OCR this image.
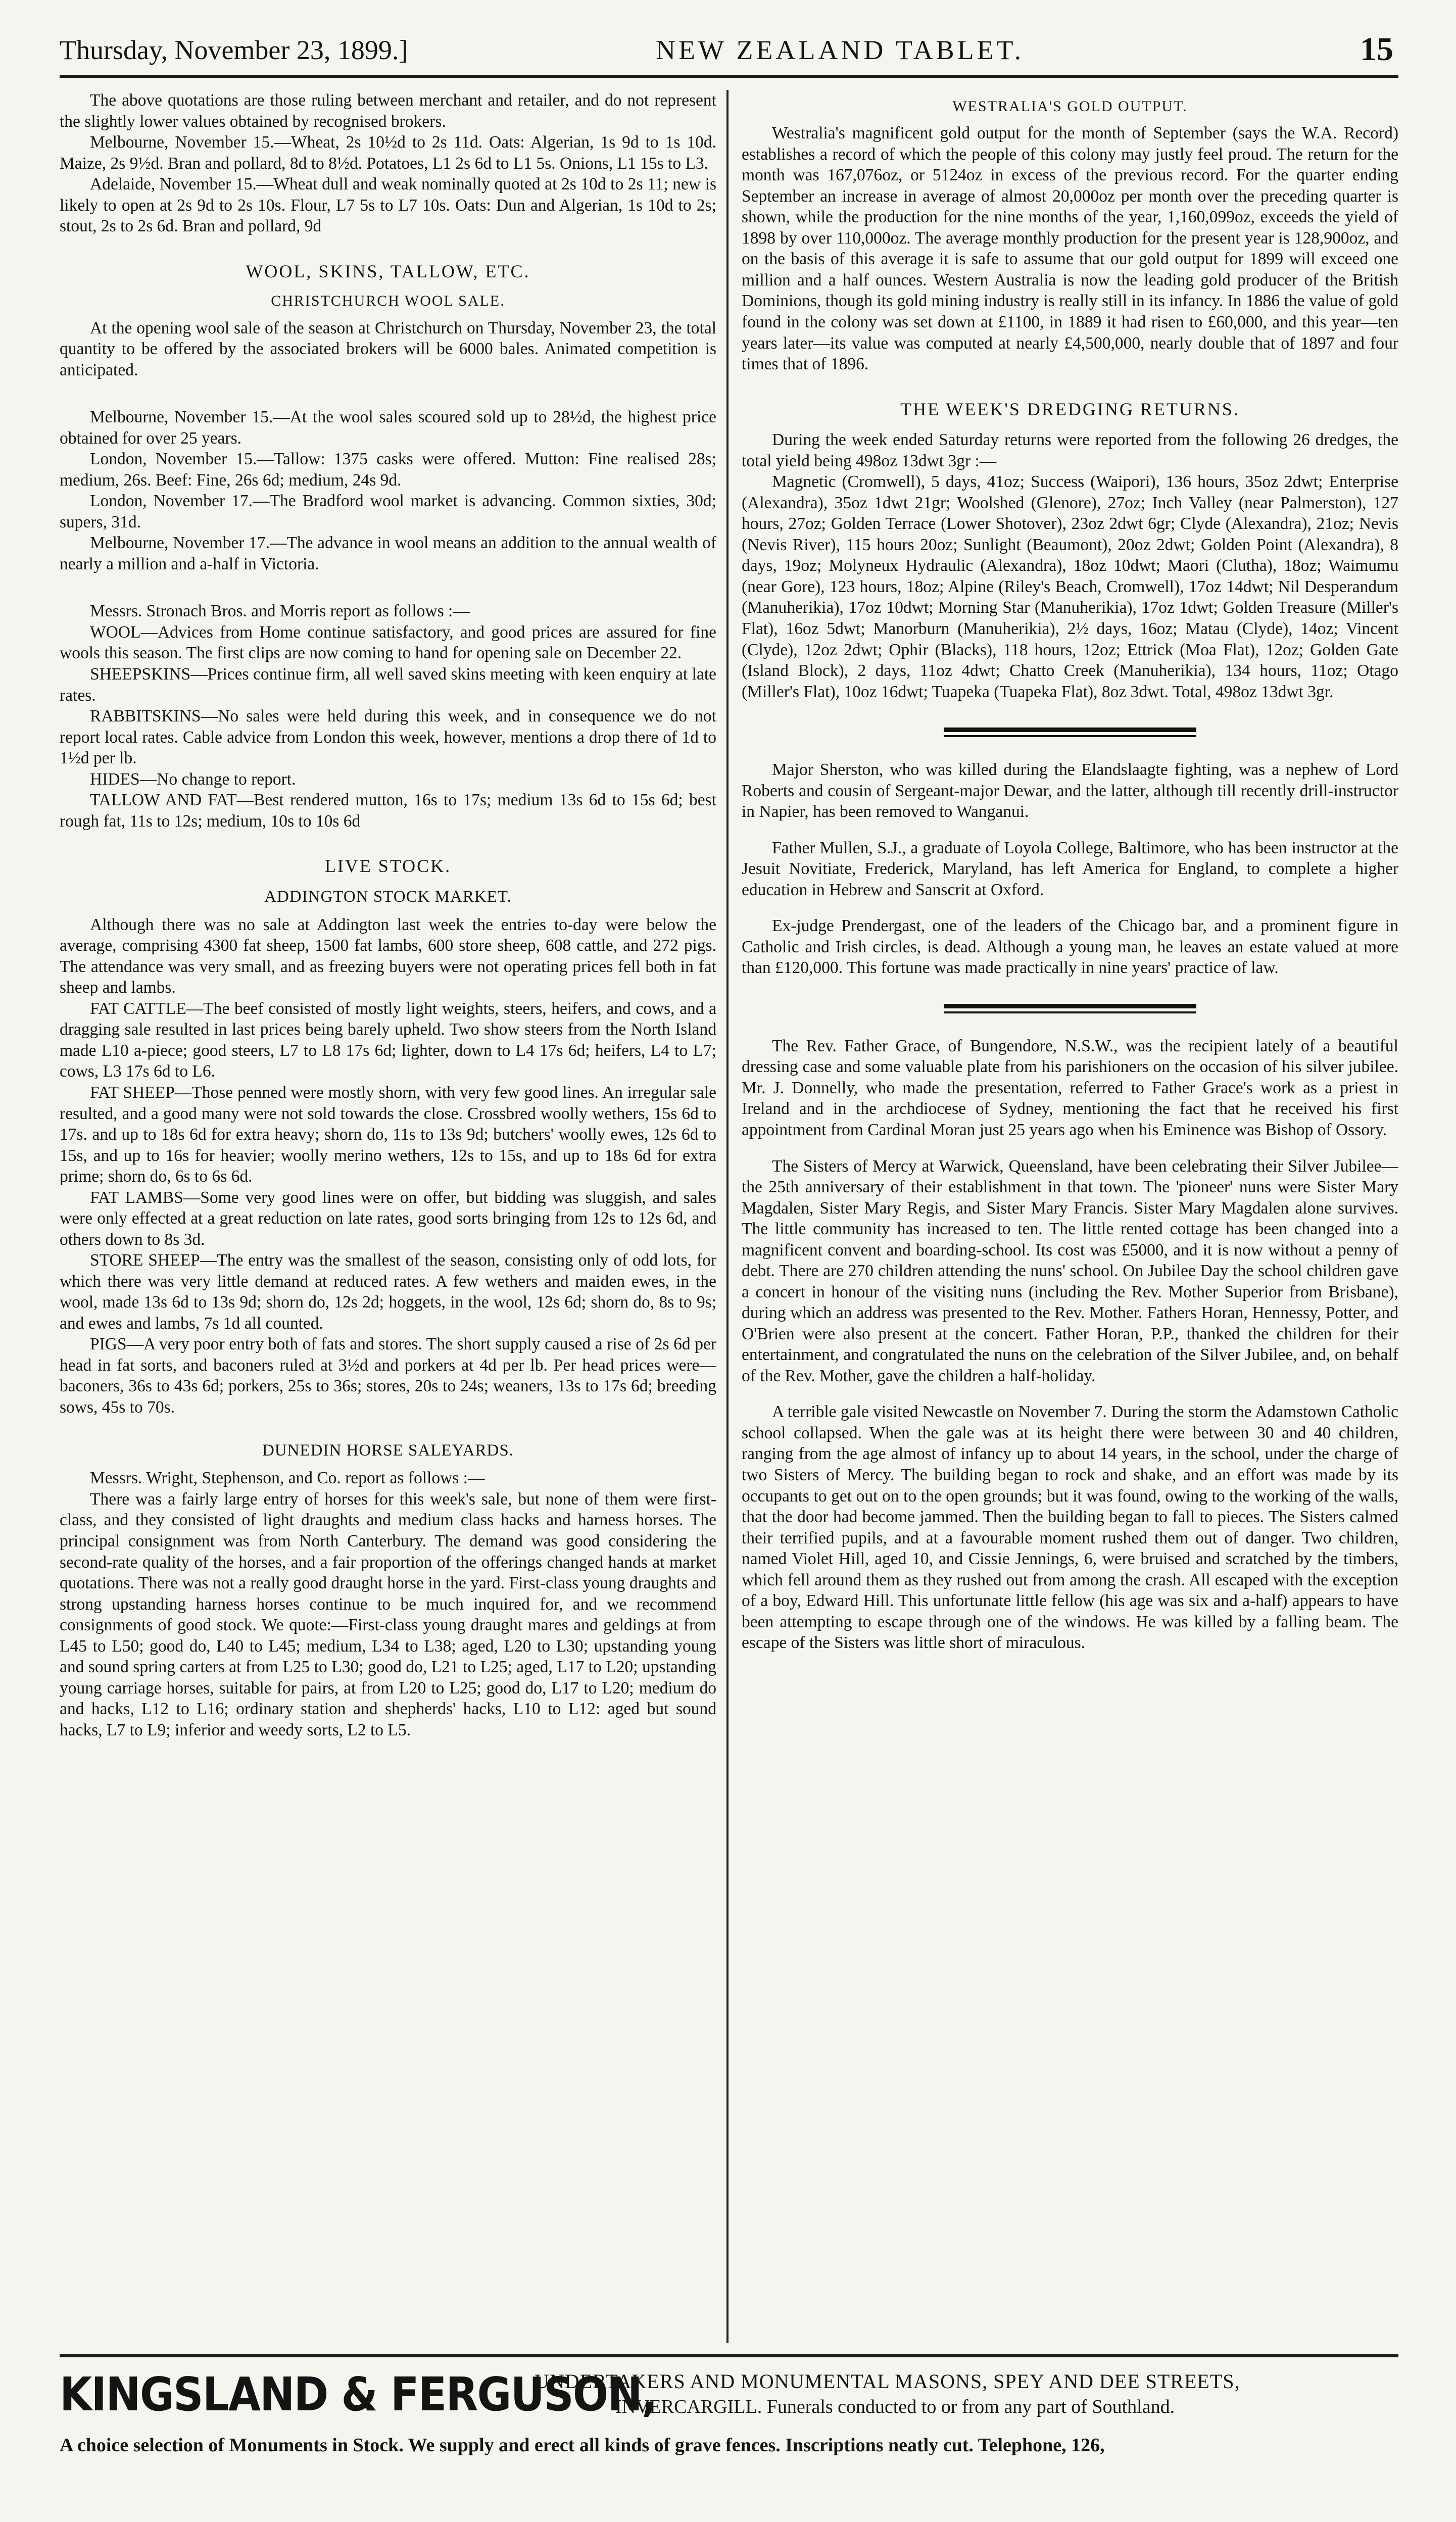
Thursday, November 23, 1899.]	NEW ZEALAND TABLET.	15

The above quotations are those ruling between merchant and retailer, and do not represent the slightly lower values obtained by recognised brokers.

Melbourne, November 15.—Wheat, 2s 10½d to 2s 11d. Oats: Algerian, 1s 9d to 1s 10d. Maize, 2s 9½d. Bran and pollard, 8d to 8½d. Potatoes, L1 2s 6d to L1 5s. Onions, L1 15s to L3.

Adelaide, November 15.—Wheat dull and weak nominally quoted at 2s 10d to 2s 11; new is likely to open at 2s 9d to 2s 10s. Flour, L7 5s to L7 10s. Oats: Dun and Algerian, 1s 10d to 2s; stout, 2s to 2s 6d. Bran and pollard, 9d

WOOL, SKINS, TALLOW, ETC.
CHRISTCHURCH WOOL SALE.

At the opening wool sale of the season at Christchurch on Thursday, November 23, the total quantity to be offered by the associated brokers will be 6000 bales. Animated competition is anticipated.

Melbourne, November 15.—At the wool sales scoured sold up to 28½d, the highest price obtained for over 25 years.

London, November 15.—Tallow: 1375 casks were offered. Mutton: Fine realised 28s; medium, 26s. Beef: Fine, 26s 6d; medium, 24s 9d.

London, November 17.—The Bradford wool market is advancing. Common sixties, 30d; supers, 31d.

Melbourne, November 17.—The advance in wool means an addition to the annual wealth of nearly a million and a-half in Victoria.

Messrs. Stronach Bros. and Morris report as follows :—

WOOL—Advices from Home continue satisfactory, and good prices are assured for fine wools this season. The first clips are now coming to hand for opening sale on December 22.

SHEEPSKINS—Prices continue firm, all well saved skins meeting with keen enquiry at late rates.

RABBITSKINS—No sales were held during this week, and in consequence we do not report local rates. Cable advice from London this week, however, mentions a drop there of 1d to 1½d per lb.

HIDES—No change to report.

TALLOW AND FAT—Best rendered mutton, 16s to 17s; medium 13s 6d to 15s 6d; best rough fat, 11s to 12s; medium, 10s to 10s 6d

LIVE STOCK.
ADDINGTON STOCK MARKET.

Although there was no sale at Addington last week the entries to-day were below the average, comprising 4300 fat sheep, 1500 fat lambs, 600 store sheep, 608 cattle, and 272 pigs. The attendance was very small, and as freezing buyers were not operating prices fell both in fat sheep and lambs.

FAT CATTLE—The beef consisted of mostly light weights, steers, heifers, and cows, and a dragging sale resulted in last prices being barely upheld. Two show steers from the North Island made L10 a-piece; good steers, L7 to L8 17s 6d; lighter, down to L4 17s 6d; heifers, L4 to L7; cows, L3 17s 6d to L6.

FAT SHEEP—Those penned were mostly shorn, with very few good lines. An irregular sale resulted, and a good many were not sold towards the close. Crossbred woolly wethers, 15s 6d to 17s. and up to 18s 6d for extra heavy; shorn do, 11s to 13s 9d; butchers' woolly ewes, 12s 6d to 15s, and up to 16s for heavier; woolly merino wethers, 12s to 15s, and up to 18s 6d for extra prime; shorn do, 6s to 6s 6d.

FAT LAMBS—Some very good lines were on offer, but bidding was sluggish, and sales were only effected at a great reduction on late rates, good sorts bringing from 12s to 12s 6d, and others down to 8s 3d.

STORE SHEEP—The entry was the smallest of the season, consisting only of odd lots, for which there was very little demand at reduced rates. A few wethers and maiden ewes, in the wool, made 13s 6d to 13s 9d; shorn do, 12s 2d; hoggets, in the wool, 12s 6d; shorn do, 8s to 9s; and ewes and lambs, 7s 1d all counted.

PIGS—A very poor entry both of fats and stores. The short supply caused a rise of 2s 6d per head in fat sorts, and baconers ruled at 3½d and porkers at 4d per lb. Per head prices were—baconers, 36s to 43s 6d; porkers, 25s to 36s; stores, 20s to 24s; weaners, 13s to 17s 6d; breeding sows, 45s to 70s.

DUNEDIN HORSE SALEYARDS.

Messrs. Wright, Stephenson, and Co. report as follows :—

There was a fairly large entry of horses for this week's sale, but none of them were first-class, and they consisted of light draughts and medium class hacks and harness horses. The principal consignment was from North Canterbury. The demand was good considering the second-rate quality of the horses, and a fair proportion of the offerings changed hands at market quotations. There was not a really good draught horse in the yard. First-class young draughts and strong upstanding harness horses continue to be much inquired for, and we recommend consignments of good stock. We quote:—First-class young draught mares and geldings at from L45 to L50; good do, L40 to L45; medium, L34 to L38; aged, L20 to L30; upstanding young and sound spring carters at from L25 to L30; good do, L21 to L25; aged, L17 to L20; upstanding young carriage horses, suitable for pairs, at from L20 to L25; good do, L17 to L20; medium do and hacks, L12 to L16; ordinary station and shepherds' hacks, L10 to L12: aged but sound hacks, L7 to L9; inferior and weedy sorts, L2 to L5.

WESTRALIA'S GOLD OUTPUT.

Westralia's magnificent gold output for the month of September (says the W.A. Record) establishes a record of which the people of this colony may justly feel proud. The return for the month was 167,076oz, or 5124oz in excess of the previous record. For the quarter ending September an increase in average of almost 20,000oz per month over the preceding quarter is shown, while the production for the nine months of the year, 1,160,099oz, exceeds the yield of 1898 by over 110,000oz. The average monthly production for the present year is 128,900oz, and on the basis of this average it is safe to assume that our gold output for 1899 will exceed one million and a half ounces. Western Australia is now the leading gold producer of the British Dominions, though its gold mining industry is really still in its infancy. In 1886 the value of gold found in the colony was set down at £1100, in 1889 it had risen to £60,000, and this year—ten years later—its value was computed at nearly £4,500,000, nearly double that of 1897 and four times that of 1896.

THE WEEK'S DREDGING RETURNS.

During the week ended Saturday returns were reported from the following 26 dredges, the total yield being 498oz 13dwt 3gr :—

Magnetic (Cromwell), 5 days, 41oz; Success (Waipori), 136 hours, 35oz 2dwt; Enterprise (Alexandra), 35oz 1dwt 21gr; Woolshed (Glenore), 27oz; Inch Valley (near Palmerston), 127 hours, 27oz; Golden Terrace (Lower Shotover), 23oz 2dwt 6gr; Clyde (Alexandra), 21oz; Nevis (Nevis River), 115 hours 20oz; Sunlight (Beaumont), 20oz 2dwt; Golden Point (Alexandra), 8 days, 19oz; Molyneux Hydraulic (Alexandra), 18oz 10dwt; Maori (Clutha), 18oz; Waimumu (near Gore), 123 hours, 18oz; Alpine (Riley's Beach, Cromwell), 17oz 14dwt; Nil Desperandum (Manuherikia), 17oz 10dwt; Morning Star (Manuherikia), 17oz 1dwt; Golden Treasure (Miller's Flat), 16oz 5dwt; Manorburn (Manuherikia), 2½ days, 16oz; Matau (Clyde), 14oz; Vincent (Clyde), 12oz 2dwt; Ophir (Blacks), 118 hours, 12oz; Ettrick (Moa Flat), 12oz; Golden Gate (Island Block), 2 days, 11oz 4dwt; Chatto Creek (Manuherikia), 134 hours, 11oz; Otago (Miller's Flat), 10oz 16dwt; Tuapeka (Tuapeka Flat), 8oz 3dwt. Total, 498oz 13dwt 3gr.

Major Sherston, who was killed during the Elandslaagte fighting, was a nephew of Lord Roberts and cousin of Sergeant-major Dewar, and the latter, although till recently drill-instructor in Napier, has been removed to Wanganui.

Father Mullen, S.J., a graduate of Loyola College, Baltimore, who has been instructor at the Jesuit Novitiate, Frederick, Maryland, has left America for England, to complete a higher education in Hebrew and Sanscrit at Oxford.

Ex-judge Prendergast, one of the leaders of the Chicago bar, and a prominent figure in Catholic and Irish circles, is dead. Although a young man, he leaves an estate valued at more than £120,000. This fortune was made practically in nine years' practice of law.

The Rev. Father Grace, of Bungendore, N.S.W., was the recipient lately of a beautiful dressing case and some valuable plate from his parishioners on the occasion of his silver jubilee. Mr. J. Donnelly, who made the presentation, referred to Father Grace's work as a priest in Ireland and in the archdiocese of Sydney, mentioning the fact that he received his first appointment from Cardinal Moran just 25 years ago when his Eminence was Bishop of Ossory.

The Sisters of Mercy at Warwick, Queensland, have been celebrating their Silver Jubilee—the 25th anniversary of their establishment in that town. The 'pioneer' nuns were Sister Mary Magdalen, Sister Mary Regis, and Sister Mary Francis. Sister Mary Magdalen alone survives. The little community has increased to ten. The little rented cottage has been changed into a magnificent convent and boarding-school. Its cost was £5000, and it is now without a penny of debt. There are 270 children attending the nuns' school. On Jubilee Day the school children gave a concert in honour of the visiting nuns (including the Rev. Mother Superior from Brisbane), during which an address was presented to the Rev. Mother. Fathers Horan, Hennessy, Potter, and O'Brien were also present at the concert. Father Horan, P.P., thanked the children for their entertainment, and congratulated the nuns on the celebration of the Silver Jubilee, and, on behalf of the Rev. Mother, gave the children a half-holiday.

A terrible gale visited Newcastle on November 7. During the storm the Adamstown Catholic school collapsed. When the gale was at its height there were between 30 and 40 children, ranging from the age almost of infancy up to about 14 years, in the school, under the charge of two Sisters of Mercy. The building began to rock and shake, and an effort was made by its occupants to get out on to the open grounds; but it was found, owing to the working of the walls, that the door had become jammed. Then the building began to fall to pieces. The Sisters calmed their terrified pupils, and at a favourable moment rushed them out of danger. Two children, named Violet Hill, aged 10, and Cissie Jennings, 6, were bruised and scratched by the timbers, which fell around them as they rushed out from among the crash. All escaped with the exception of a boy, Edward Hill. This unfortunate little fellow (his age was six and a-half) appears to have been attempting to escape through one of the windows. He was killed by a falling beam. The escape of the Sisters was little short of miraculous.

KINGSLAND & FERGUSON,
UNDERTAKERS AND MONUMENTAL MASONS, SPEY AND DEE STREETS,
INVERCARGILL. Funerals conducted to or from any part of Southland.
A choice selection of Monuments in Stock. We supply and erect all kinds of grave fences. Inscriptions neatly cut. Telephone, 126,
